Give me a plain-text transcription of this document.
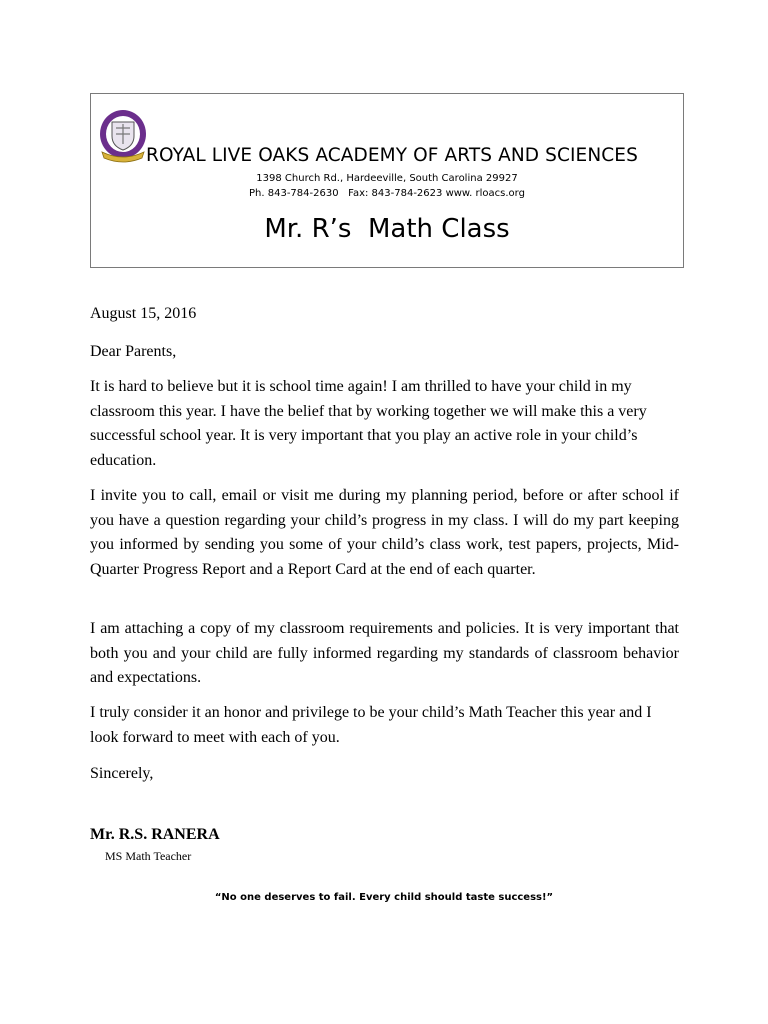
ROYAL LIVE OAKS ACADEMY OF ARTS AND SCIENCES
1398 Church Rd., Hardeeville, South Carolina 29927
Ph. 843-784-2630   Fax: 843-784-2623 www. rloacs.org
Mr. R’s  Math Class

August 15, 2016

Dear Parents,

It is hard to believe but it is school time again! I am thrilled to have your child in my classroom this year. I have the belief that by working together we will make this a very successful school year. It is very important that you play an active role in your child’s education.

I invite you to call, email or visit me during my planning period, before or after school if you have a question regarding your child’s progress in my class. I will do my part keeping you informed by sending you some of your child’s class work, test papers, projects, Mid-Quarter Progress Report and a Report Card at the end of each quarter.

I am attaching a copy of my classroom requirements and policies. It is very important that both you and your child are fully informed regarding my standards of classroom behavior and expectations.

I truly consider it an honor and privilege to be your child’s Math Teacher this year and I look forward to meet with each of you.

Sincerely,

Mr. R.S. RANERA
MS Math Teacher
“No one deserves to fail. Every child should taste success!”
